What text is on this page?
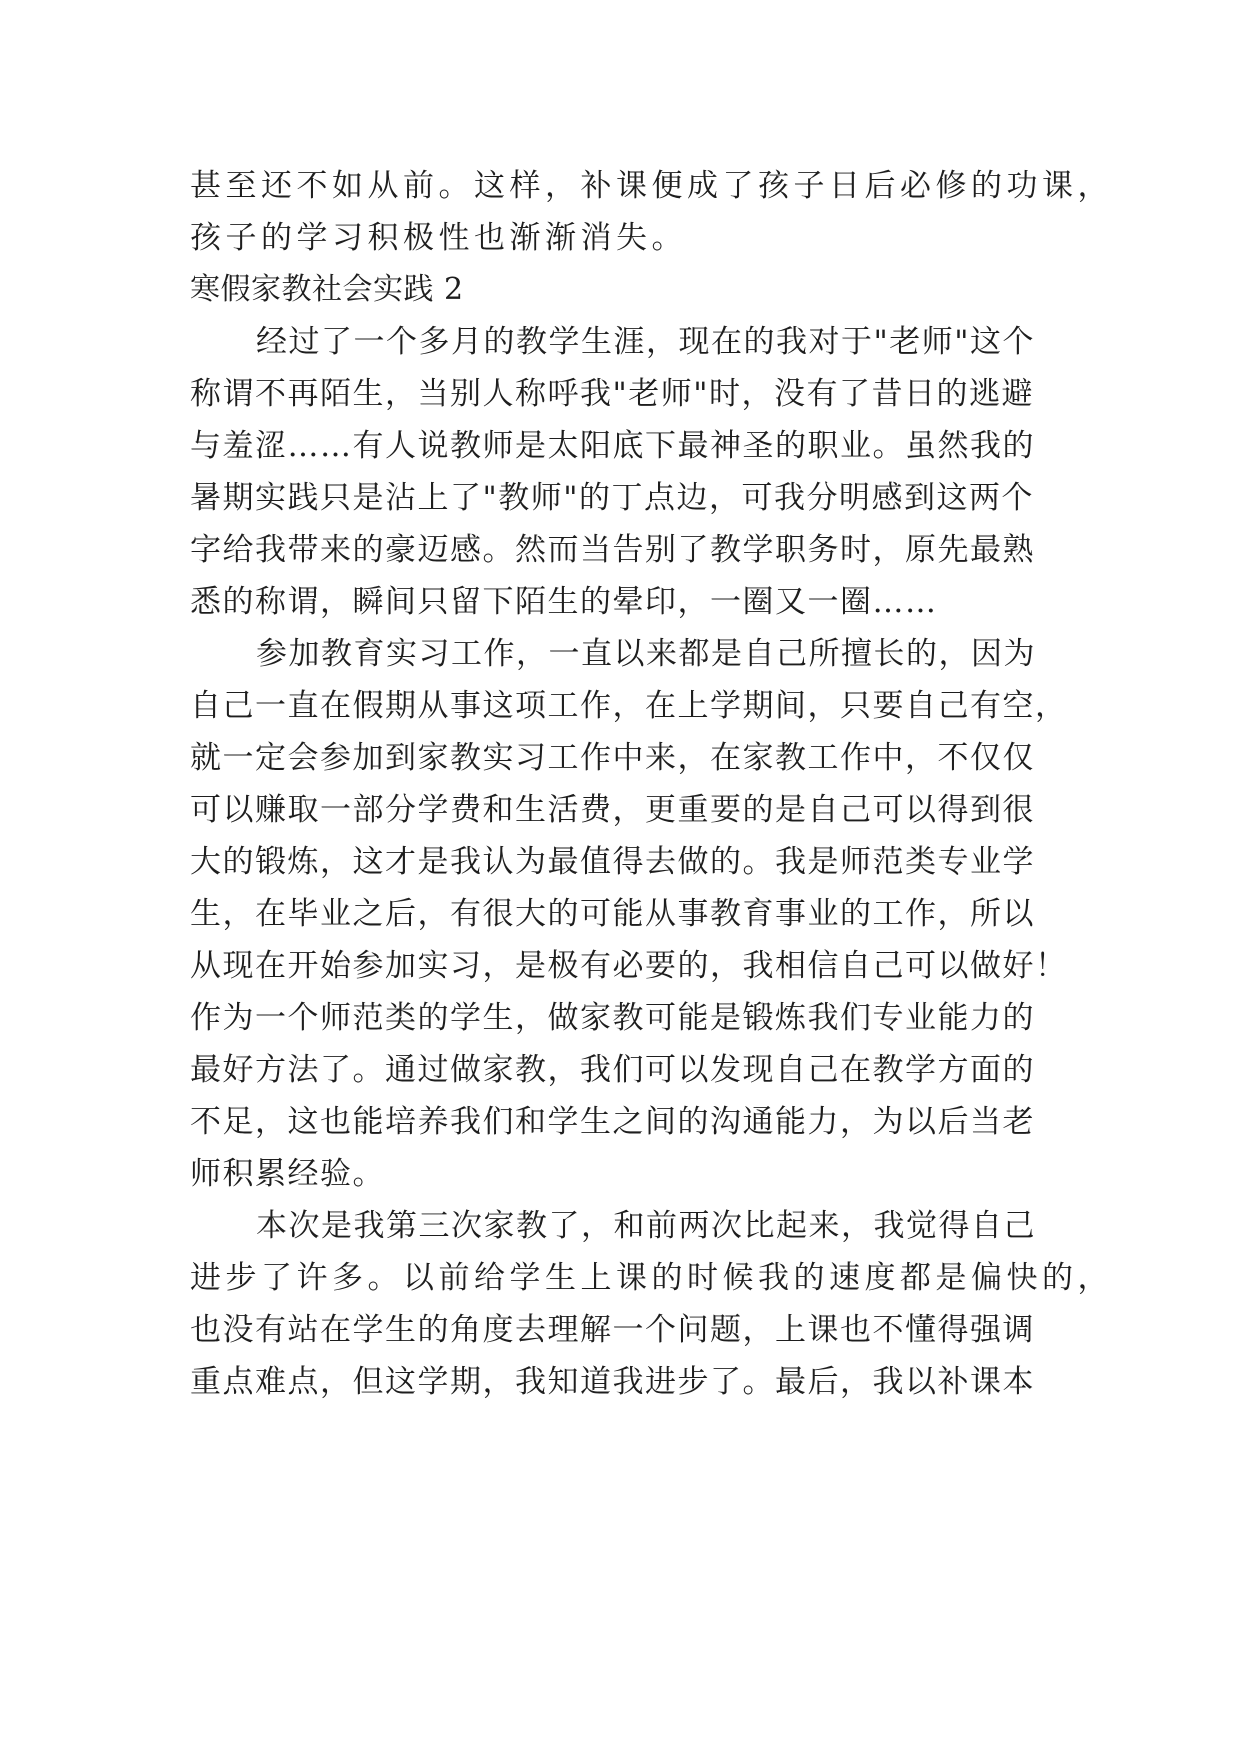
甚至还不如从前。这样，补课便成了孩子日后必修的功课，
孩子的学习积极性也渐渐消失。
寒假家教社会实践 2
经过了一个多月的教学生涯，现在的我对于"老师"这个
称谓不再陌生，当别人称呼我"老师"时，没有了昔日的逃避
与羞涩……有人说教师是太阳底下最神圣的职业。虽然我的
暑期实践只是沾上了"教师"的丁点边，可我分明感到这两个
字给我带来的豪迈感。然而当告别了教学职务时，原先最熟
悉的称谓，瞬间只留下陌生的晕印，一圈又一圈……
参加教育实习工作，一直以来都是自己所擅长的，因为
自己一直在假期从事这项工作，在上学期间，只要自己有空，
就一定会参加到家教实习工作中来，在家教工作中，不仅仅
可以赚取一部分学费和生活费，更重要的是自己可以得到很
大的锻炼，这才是我认为最值得去做的。我是师范类专业学
生，在毕业之后，有很大的可能从事教育事业的工作，所以
从现在开始参加实习，是极有必要的，我相信自己可以做好！
作为一个师范类的学生，做家教可能是锻炼我们专业能力的
最好方法了。通过做家教，我们可以发现自己在教学方面的
不足，这也能培养我们和学生之间的沟通能力，为以后当老
师积累经验。
本次是我第三次家教了，和前两次比起来，我觉得自己
进步了许多。以前给学生上课的时候我的速度都是偏快的，
也没有站在学生的角度去理解一个问题，上课也不懂得强调
重点难点，但这学期，我知道我进步了。最后，我以补课本
